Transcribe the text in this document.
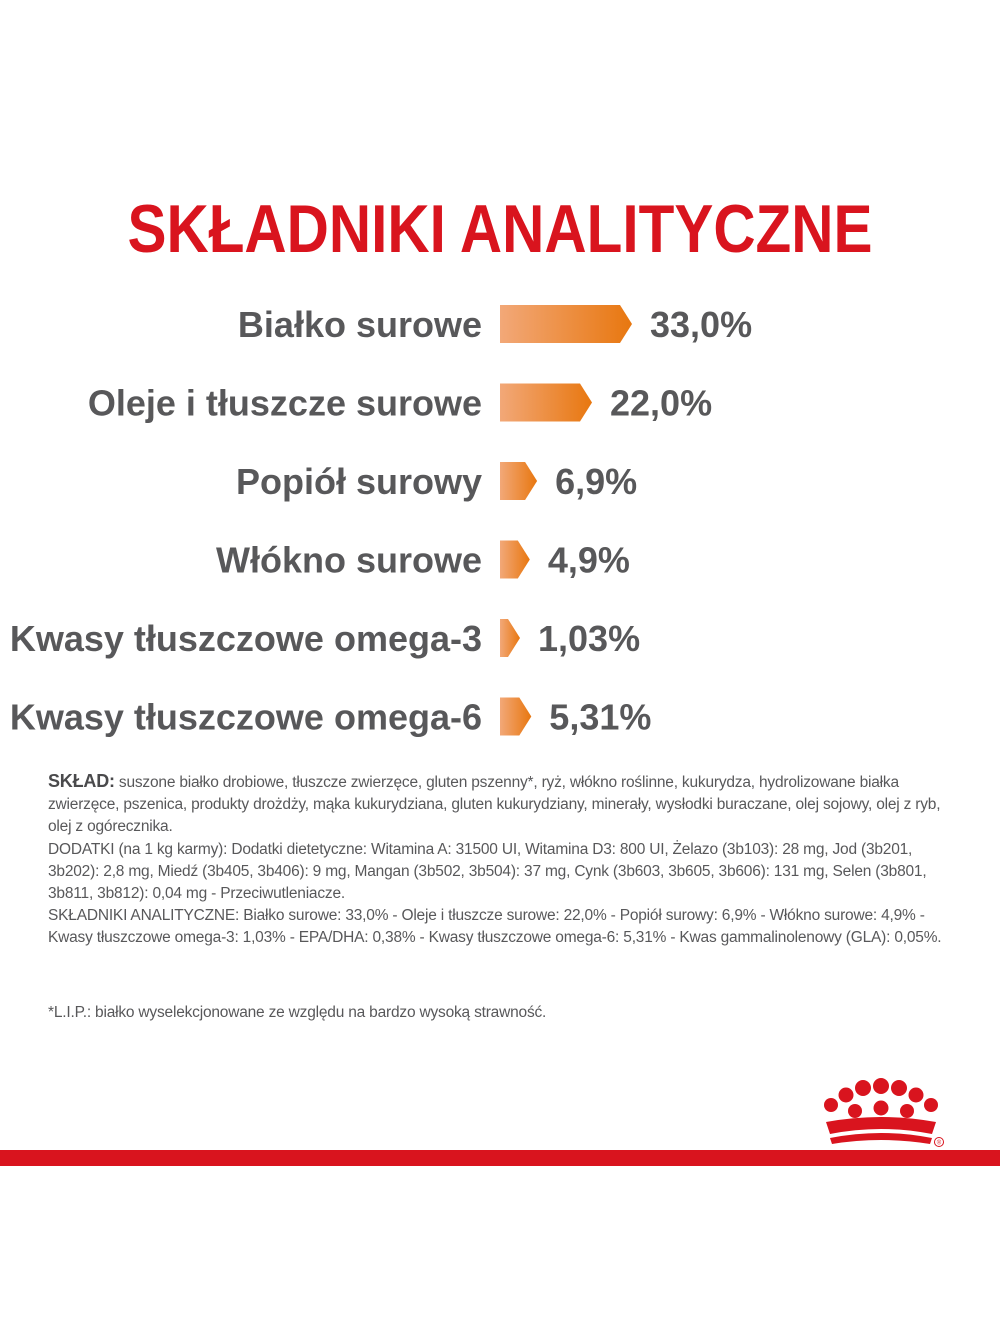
SKŁADNIKI ANALITYCZNE
Białko surowe	33,0%
Oleje i tłuszcze surowe	22,0%
Popiół surowy 6,9%
Włókno surowe 4,9%
Kwasy tłuszczowe omega-3 1,03%
Kwasy tłuszczowe omega-6 5,31%

SKŁAD: suszone białko drobiowe, tłuszcze zwierzęce, gluten pszenny*, ryż, włókno roślinne, kukurydza, hydrolizowane białka zwierzęce, pszenica, produkty drożdży, mąka kukurydziana, gluten kukurydziany, minerały, wysłodki buraczane, olej sojowy, olej z ryb, olej z ogórecznika.

DODATKI (na 1 kg karmy): Dodatki dietetyczne: Witamina A: 31500 UI, Witamina D3: 800 UI, Żelazo (3b103): 28 mg, Jod (3b201, 3b202): 2,8 mg, Miedź (3b405, 3b406): 9 mg, Mangan (3b502, 3b504): 37 mg, Cynk (3b603, 3b605, 3b606): 131 mg, Selen (3b801, 3b811, 3b812): 0,04 mg - Przeciwutleniacze.

SKŁADNIKI ANALITYCZNE: Białko surowe: 33,0% - Oleje i tłuszcze surowe: 22,0% - Popiół surowy: 6,9% - Włókno surowe: 4,9% - Kwasy tłuszczowe omega-3: 1,03% - EPA/DHA: 0,38% - Kwasy tłuszczowe omega-6: 5,31% - Kwas gammalinolenowy (GLA): 0,05%.

*L.I.P.: białko wyselekcjonowane ze względu na bardzo wysoką strawność.
®
